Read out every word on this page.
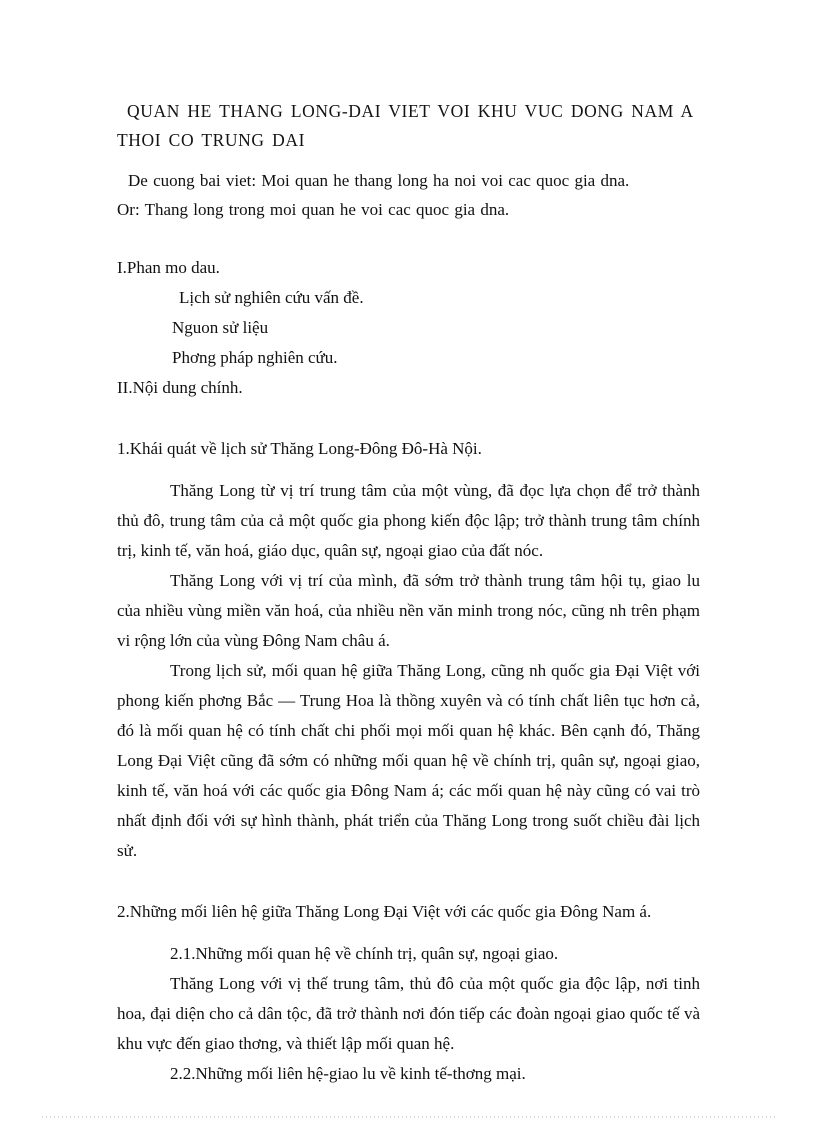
QUAN HE THANG LONG-DAI VIET VOI KHU VUC DONG NAM A
THOI CO TRUNG DAI
De cuong bai viet: Moi quan he thang long ha noi voi cac quoc gia dna.
Or: Thang long trong moi quan he voi cac quoc gia dna.
I.Phan mo dau.
Lịch sử nghiên cứu vấn đề.
Nguon sử liệu
Phơng pháp nghiên cứu.
II.Nội dung chính.
1.Khái quát về lịch sử Thăng Long-Đông Đô-Hà Nội.

Thăng Long từ vị trí trung tâm của một vùng, đã đọc lựa chọn để trở thành thủ đô, trung tâm của cả một quốc gia phong kiến độc lập; trở thành trung tâm chính trị, kinh tế, văn hoá, giáo dục, quân sự, ngoại giao của đất nóc.

Thăng Long với vị trí của mình, đã sớm trở thành trung tâm hội tụ, giao lu của nhiều vùng miền văn hoá, của nhiều nền văn minh trong nóc, cũng nh trên phạm vi rộng lớn của vùng Đông Nam châu á.

Trong lịch sử, mối quan hệ giữa Thăng Long, cũng nh quốc gia Đại Việt với phong kiến phơng Bắc — Trung Hoa là thồng xuyên và có tính chất liên tục hơn cả, đó là mối quan hệ có tính chất chi phối mọi mối quan hệ khác. Bên cạnh đó, Thăng Long Đại Việt cũng đã sớm có những mối quan hệ về chính trị, quân sự, ngoại giao, kinh tế, văn hoá với các quốc gia Đông Nam á; các mối quan hệ này cũng có vai trò nhất định đối với sự hình thành, phát triển của Thăng Long trong suốt chiều đài lịch sử.

2.Những mối liên hệ giữa Thăng Long Đại Việt với các quốc gia Đông Nam á.
2.1.Những mối quan hệ về chính trị, quân sự, ngoại giao.

Thăng Long với vị thế trung tâm, thủ đô của một quốc gia độc lập, nơi tinh hoa, đại diện cho cả dân tộc, đã trở thành nơi đón tiếp các đoàn ngoại giao quốc tế và khu vực đến giao thơng, và thiết lập mối quan hệ.

2.2.Những mối liên hệ-giao lu về kinh tế-thơng mại.
